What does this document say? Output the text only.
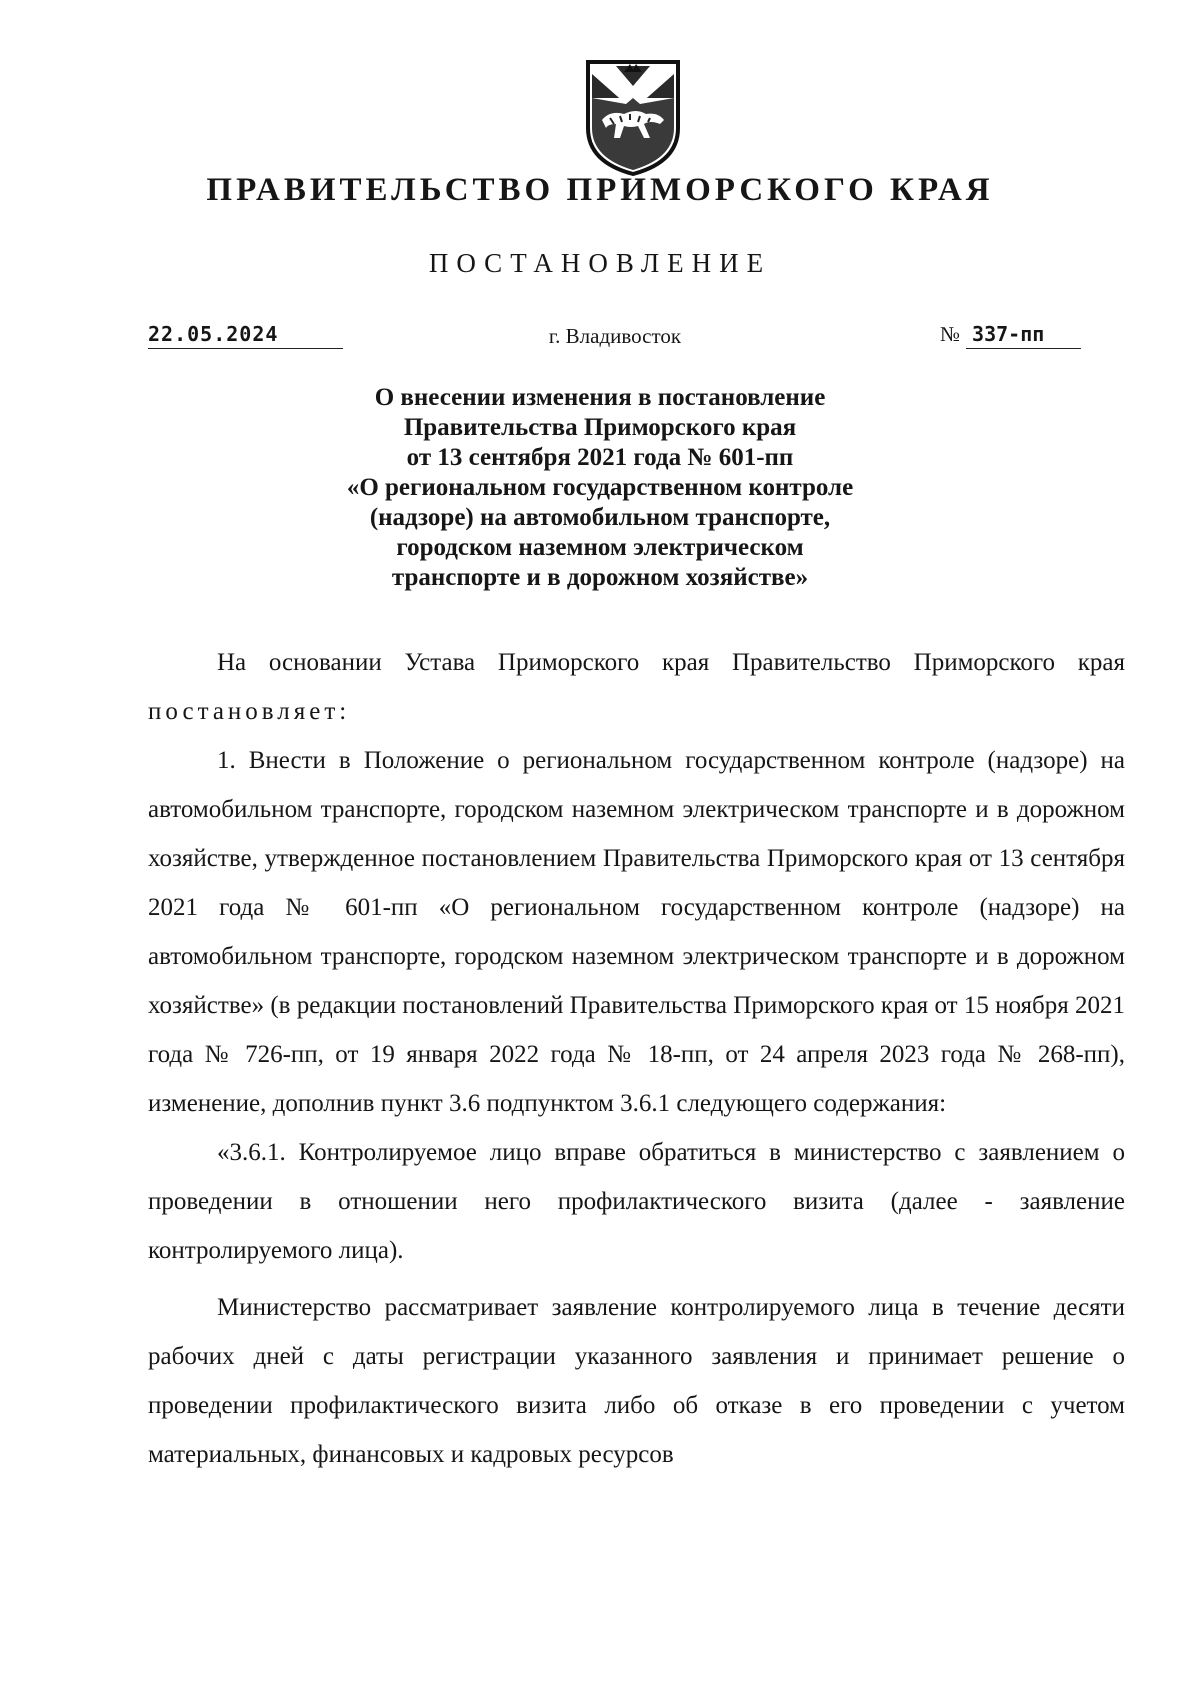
ПРАВИТЕЛЬСТВО ПРИМОРСКОГО КРАЯ
ПОСТАНОВЛЕНИЕ
22.05.2024	г. Владивосток	№ 337-пп
О внесении изменения в постановление
Правительства Приморского края
от 13 сентября 2021 года № 601-пп
«О региональном государственном контроле
(надзоре) на автомобильном транспорте,
городском наземном электрическом
транспорте и в дорожном хозяйстве»

На основании Устава Приморского края Правительство Приморского края постановляет:

1. Внести в Положение о региональном государственном контроле (надзоре) на автомобильном транспорте, городском наземном электрическом транспорте и в дорожном хозяйстве, утвержденное постановлением Правительства Приморского края от 13 сентября 2021 года № 601-пп «О региональном государственном контроле (надзоре) на автомобильном транспорте, городском наземном электрическом транспорте и в дорожном хозяйстве» (в редакции постановлений Правительства Приморского края от 15 ноября 2021 года № 726-пп, от 19 января 2022 года № 18-пп, от 24 апреля 2023 года № 268-пп), изменение, дополнив пункт 3.6 подпунктом 3.6.1 следующего содержания:

«3.6.1. Контролируемое лицо вправе обратиться в министерство с заявлением о проведении в отношении него профилактического визита (далее - заявление контролируемого лица).

Министерство рассматривает заявление контролируемого лица в течение десяти рабочих дней с даты регистрации указанного заявления и принимает решение о проведении профилактического визита либо об отказе в его проведении с учетом материальных, финансовых и кадровых ресурсов
